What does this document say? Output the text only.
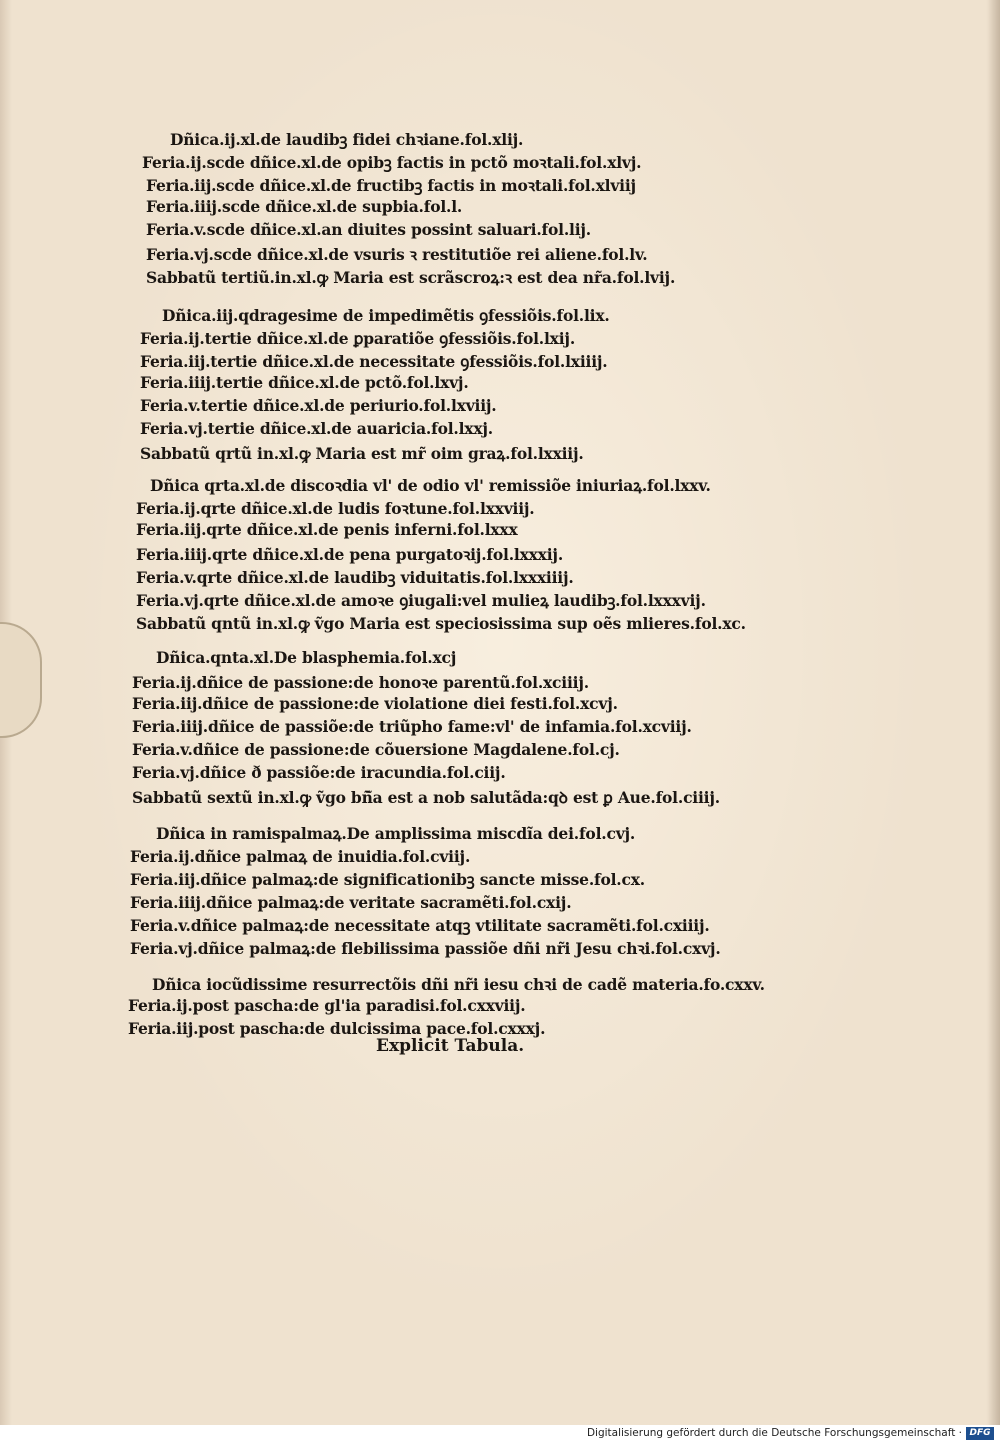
Dñica.ij.xl.de laudibꝫ fidei chꝛiane.fol.xlij.
Feria.ij.scde dñice.xl.de opibꝫ factis in pctõ moꝛtali.fol.xlvj.
Feria.iij.scde dñice.xl.de fructibꝫ factis in moꝛtali.fol.xlviij
Feria.iiij.scde dñice.xl.de supbia.fol.l.
Feria.v.scde dñice.xl.an diuites possint saluari.fol.lij.
Feria.vj.scde dñice.xl.de vsuris ꝛ restitutiõe rei aliene.fol.lv.
Sabbatũ tertiũ.in.xl.ꝙ Maria est scrãscroꝝ:ꝛ est dea nr̃a.fol.lvij.
Dñica.iij.qdragesime de impedimẽtis ꝯfessiõis.fol.lix.
Feria.ij.tertie dñice.xl.de ꝑparatiõe ꝯfessiõis.fol.lxij.
Feria.iij.tertie dñice.xl.de necessitate ꝯfessiõis.fol.lxiiij.
Feria.iiij.tertie dñice.xl.de pctõ.fol.lxvj.
Feria.v.tertie dñice.xl.de periurio.fol.lxviij.
Feria.vj.tertie dñice.xl.de auaricia.fol.lxxj.
Sabbatũ qrtũ in.xl.ꝙ Maria est mr̃ oim graꝝ.fol.lxxiij.
Dñica qrta.xl.de discoꝛdia vl' de odio vl' remissiõe iniuriaꝝ.fol.lxxv.
Feria.ij.qrte dñice.xl.de ludis foꝛtune.fol.lxxviij.
Feria.iij.qrte dñice.xl.de penis inferni.fol.lxxx
Feria.iiij.qrte dñice.xl.de pena purgatoꝛij.fol.lxxxij.
Feria.v.qrte dñice.xl.de laudibꝫ viduitatis.fol.lxxxiiij.
Feria.vj.qrte dñice.xl.de amoꝛe ꝯiugali:vel mulieꝝ laudibꝫ.fol.lxxxvij.
Sabbatũ qntũ in.xl.ꝙ ṽgo Maria est speciosissima sup oẽs mlieres.fol.xc.
Dñica.qnta.xl.De blasphemia.fol.xcj
Feria.ij.dñice de passione:de honoꝛe parentũ.fol.xciiij.
Feria.iij.dñice de passione:de violatione diei festi.fol.xcvj.
Feria.iiij.dñice de passiõe:de triũpho fame:vl' de infamia.fol.xcviij.
Feria.v.dñice de passione:de cõuersione Magdalene.fol.cj.
Feria.vj.dñice ð passiõe:de iracundia.fol.ciij.
Sabbatũ sextũ in.xl.ꝙ ṽgo bñ̃a est a nob salutãda:qꝺ est ꝑ Aue.fol.ciiij.
Dñica in ramispalmaꝝ.De amplissima miscdĩa dei.fol.cvj.
Feria.ij.dñice palmaꝝ de inuidia.fol.cviij.
Feria.iij.dñice palmaꝝ:de significationibꝫ sancte misse.fol.cx.
Feria.iiij.dñice palmaꝝ:de veritate sacramẽti.fol.cxij.
Feria.v.dñice palmaꝝ:de necessitate atqꝫ vtilitate sacramẽti.fol.cxiiij.
Feria.vj.dñice palmaꝝ:de flebilissima passiõe dñi nr̃i Jesu chꝛi.fol.cxvj.
Dñica iocũdissime resurrectõis dñi nr̃i iesu chꝛi de cadẽ materia.fo.cxxv.
Feria.ij.post pascha:de gl'ia paradisi.fol.cxxviij.
Feria.iij.post pascha:de dulcissima pace.fol.cxxxj.
Explicit Tabula.
Digitalisierung gefördert durch die Deutsche Forschungsgemeinschaft · DFG
